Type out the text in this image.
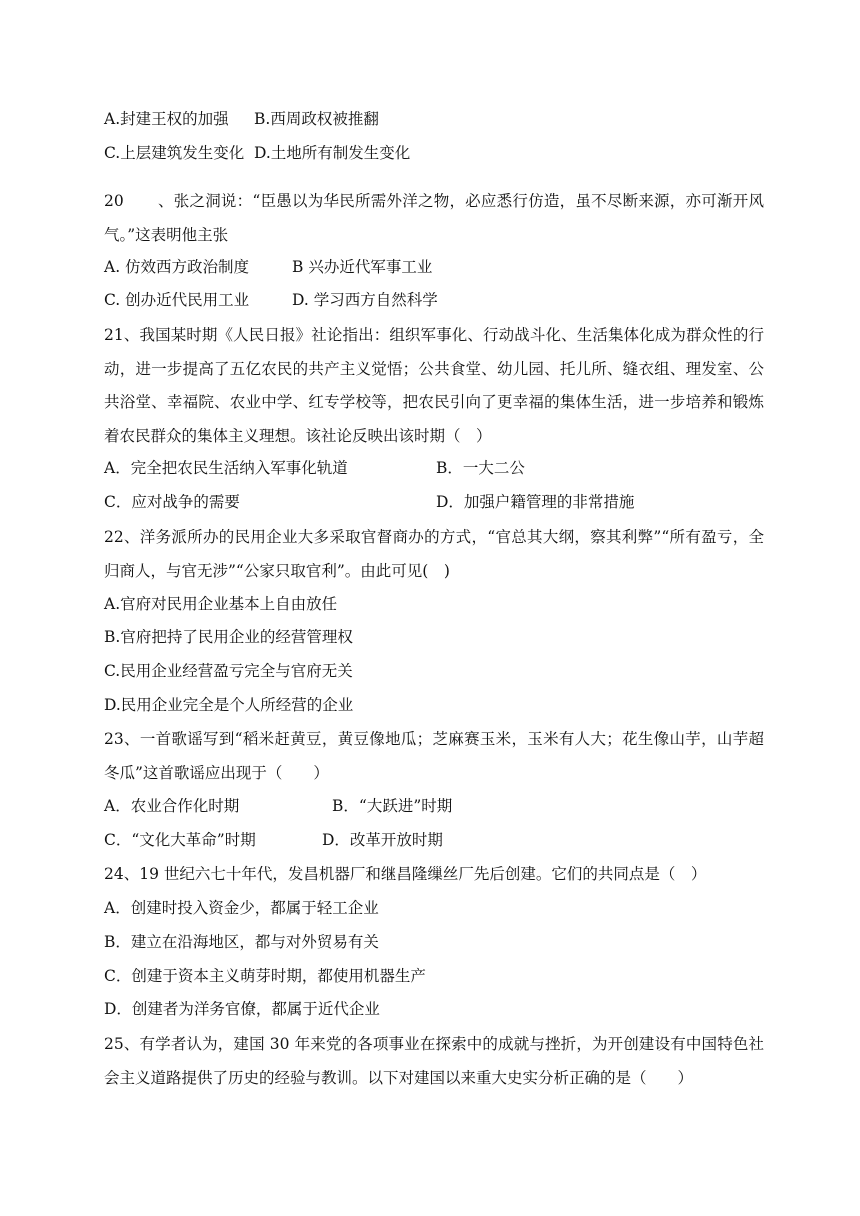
A.封建王权的加强 B.西周政权被推翻
C.上层建筑发生变化 D.土地所有制发生变化
20 、张之洞说：“臣愚以为华民所需外洋之物，必应悉行仿造，虽不尽断来源，亦可渐开风气。”这表明他主张
A. 仿效西方政治制度	B 兴办近代军事工业
C. 创办近代民用工业	D. 学习西方自然科学
21、我国某时期《人民日报》社论指出：组织军事化、行动战斗化、生活集体化成为群众性的行动，进一步提高了五亿农民的共产主义觉悟；公共食堂、幼儿园、托儿所、缝衣组、理发室、公共浴堂、幸福院、农业中学、红专学校等，把农民引向了更幸福的集体生活，进一步培养和锻炼着农民群众的集体主义理想。该社论反映出该时期（　）
A．完全把农民生活纳入军事化轨道	B．一大二公
C．应对战争的需要	D．加强户籍管理的非常措施
22、洋务派所办的民用企业大多采取官督商办的方式，“官总其大纲，察其利弊”“所有盈亏，全归商人，与官无涉”“公家只取官利”。由此可见(　)
A.官府对民用企业基本上自由放任
B.官府把持了民用企业的经营管理权
C.民用企业经营盈亏完全与官府无关
D.民用企业完全是个人所经营的企业
23、一首歌谣写到“稻米赶黄豆，黄豆像地瓜；芝麻赛玉米，玉米有人大；花生像山芋，山芋超冬瓜”这首歌谣应出现于（　　）
A．农业合作化时期	B．“大跃进”时期
C．“文化大革命”时期	D．改革开放时期
24、19 世纪六七十年代，发昌机器厂和继昌隆缫丝厂先后创建。它们的共同点是（　）
A．创建时投入资金少，都属于轻工企业
B．建立在沿海地区，都与对外贸易有关
C．创建于资本主义萌芽时期，都使用机器生产
D．创建者为洋务官僚，都属于近代企业
25、有学者认为，建国 30 年来党的各项事业在探索中的成就与挫折，为开创建设有中国特色社会主义道路提供了历史的经验与教训。以下对建国以来重大史实分析正确的是（　　）
